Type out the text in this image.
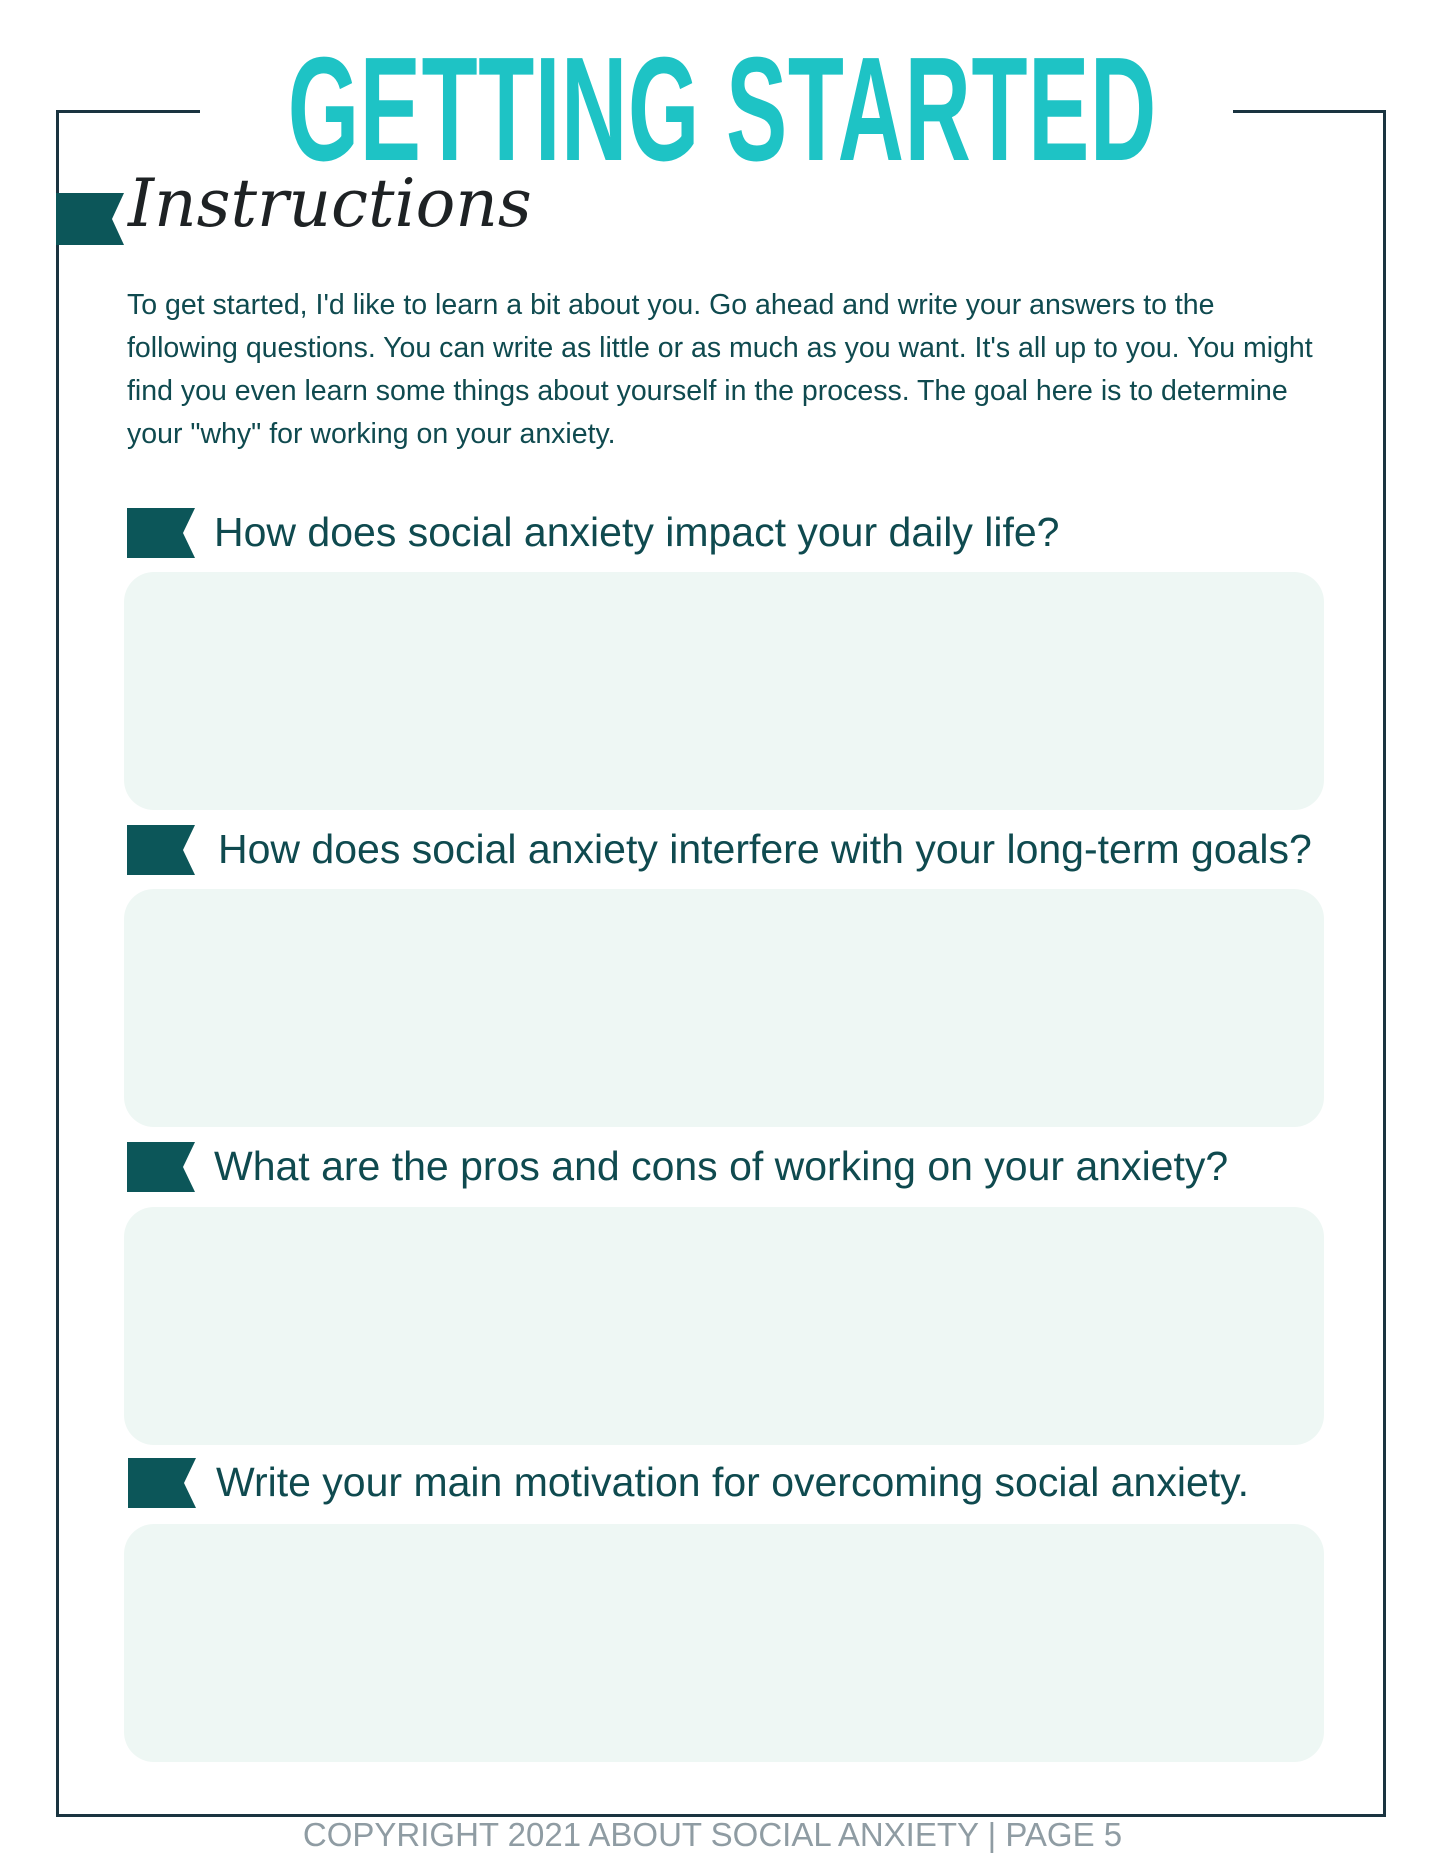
GETTING STARTED
Instructions
To get started, I'd like to learn a bit about you. Go ahead and write your answers to the following questions. You can write as little or as much as you want. It's all up to you. You might find you even learn some things about yourself in the process. The goal here is to determine your "why" for working on your anxiety.
How does social anxiety impact your daily life?
How does social anxiety interfere with your long-term goals?
What are the pros and cons of working on your anxiety?
Write your main motivation for overcoming social anxiety.
COPYRIGHT 2021 ABOUT SOCIAL ANXIETY | PAGE 5
